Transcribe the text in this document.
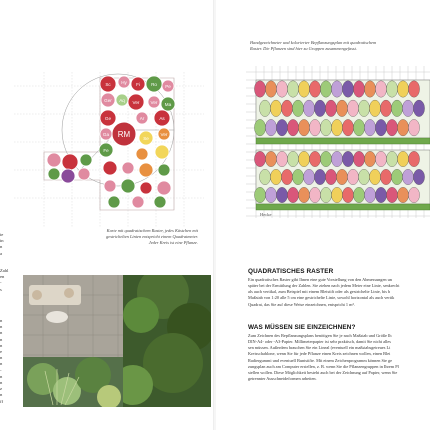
ie
in
n
a
Zahl
en
-
s
n
n
n
n
n
e
n
n
-
n
n
z
n
ff
Sc Hy Fi Ro Pe
Ger Aq Ver Ver Ma
Ge	Ar	As
Ga
Se
Ver
Fe
RM
Karte mit quadratischem Raster, jedes Kästchen mit
gestrichelten Linien entspricht einem Quadratmeter.
Jeder Kreis ist eine Pflanze.
Handgezeichneter und kolorierter Bepflanzungsplan mit quadratischem
Raster. Die Pflanzen sind hier zu Gruppen zusammengefasst.
Hecke
QUADRATISCHES RASTER
Ein quadratisches Raster gibt Ihnen eine gute Vorstellung von den Abmessungen un
später bei der Ermittlung der Zahlen. Sie ziehen nach jedem Meter eine Linie, senkrecht
als auch vertikal, zum Beispiel mit einem Bleistift oder als gestrichelte Linie, bis b
Maßstab von 1:20 alle 5 cm eine gestrichelte Linie, sowohl horizontal als auch vertik
Quadrat, das Sie auf diese Weise einzeichnen, entspricht 1 m².
WAS MÜSSEN SIE EINZEICHNEN?
Zum Zeichnen des Bepflanzungsplans benötigen Sie je nach Maßstab und Größe Ih
DIN-A4- oder -A3-Papier. Millimeterpapier ist sehr praktisch, damit Sie nicht alles
sen müssen. Außerdem brauchen Sie ein Lineal (eventuell ein maßstabsgetreues Li
Kreisschablone, wenn Sie für jede Pflanze einen Kreis zeichnen wollen, einen Blei
Radiergummi und eventuell Buntstifte. Mit einem Zeichenprogramm können Sie ge
zungsplan auch am Computer erstellen, z. B. wenn Sie die Pflanzengruppen in Ihrem Pl
stellen wollen. Diese Möglichkeit besteht auch bei der Zeichnung auf Papier, wenn Sie
getrennter Ausschneideformen arbeiten.
